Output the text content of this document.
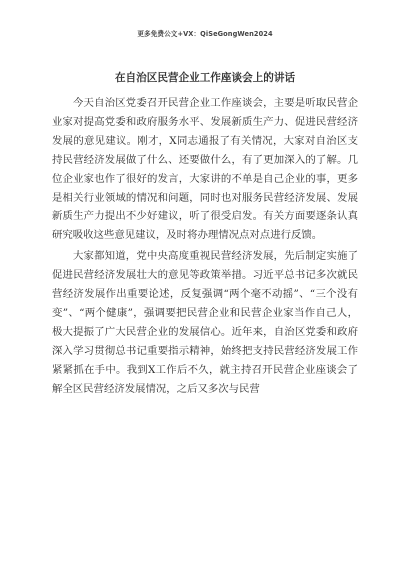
更多免费公文+VX：QiSeGongWen2024
在自治区民营企业工作座谈会上的讲话

今天自治区党委召开民营企业工作座谈会，主要是听取民营企业家对提高党委和政府服务水平、发展新质生产力、促进民营经济发展的意见建议。刚才，X同志通报了有关情况，大家对自治区支持民营经济发展做了什么、还要做什么，有了更加深入的了解。几位企业家也作了很好的发言，大家讲的不单是自己企业的事，更多是相关行业领域的情况和问题，同时也对服务民营经济发展、发展新质生产力提出不少好建议，听了很受启发。有关方面要逐条认真研究吸收这些意见建议，及时将办理情况点对点进行反馈。

大家都知道，党中央高度重视民营经济发展，先后制定实施了促进民营经济发展壮大的意见等政策举措。习近平总书记多次就民营经济发展作出重要论述，反复强调“两个毫不动摇”、“三个没有变”、“两个健康”，强调要把民营企业和民营企业家当作自己人，极大提振了广大民营企业的发展信心。近年来，自治区党委和政府深入学习贯彻总书记重要指示精神，始终把支持民营经济发展工作紧紧抓在手中。我到X工作后不久，就主持召开民营企业座谈会了解全区民营经济发展情况，之后又多次与民营
